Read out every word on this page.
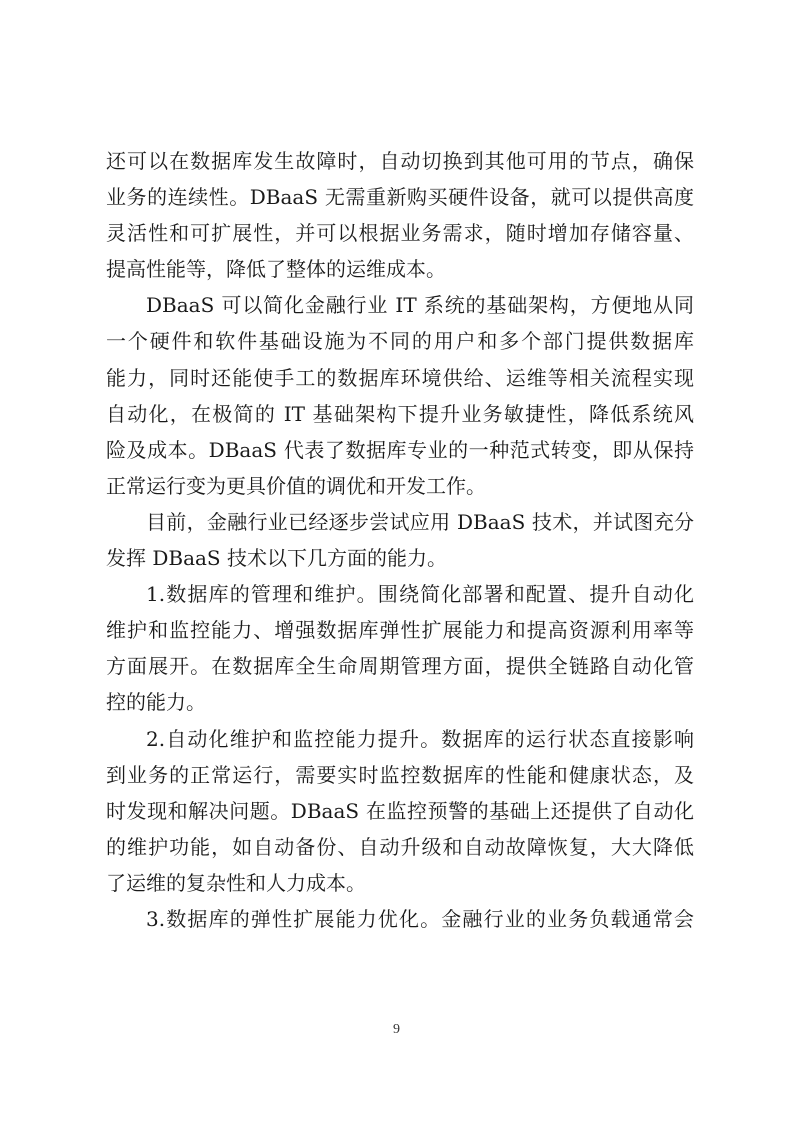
还可以在数据库发生故障时，自动切换到其他可用的节点，确保
业务的连续性。DBaaS 无需重新购买硬件设备，就可以提供高度
灵活性和可扩展性，并可以根据业务需求，随时增加存储容量、
提高性能等，降低了整体的运维成本。
DBaaS 可以简化金融行业 IT 系统的基础架构，方便地从同
一个硬件和软件基础设施为不同的用户和多个部门提供数据库
能力，同时还能使手工的数据库环境供给、运维等相关流程实现
自动化，在极简的 IT 基础架构下提升业务敏捷性，降低系统风
险及成本。DBaaS 代表了数据库专业的一种范式转变，即从保持
正常运行变为更具价值的调优和开发工作。
目前，金融行业已经逐步尝试应用 DBaaS 技术，并试图充分
发挥 DBaaS 技术以下几方面的能力。
1.数据库的管理和维护。围绕简化部署和配置、提升自动化
维护和监控能力、增强数据库弹性扩展能力和提高资源利用率等
方面展开。在数据库全生命周期管理方面，提供全链路自动化管
控的能力。
2.自动化维护和监控能力提升。数据库的运行状态直接影响
到业务的正常运行，需要实时监控数据库的性能和健康状态，及
时发现和解决问题。DBaaS 在监控预警的基础上还提供了自动化
的维护功能，如自动备份、自动升级和自动故障恢复，大大降低
了运维的复杂性和人力成本。
3.数据库的弹性扩展能力优化。金融行业的业务负载通常会
9
